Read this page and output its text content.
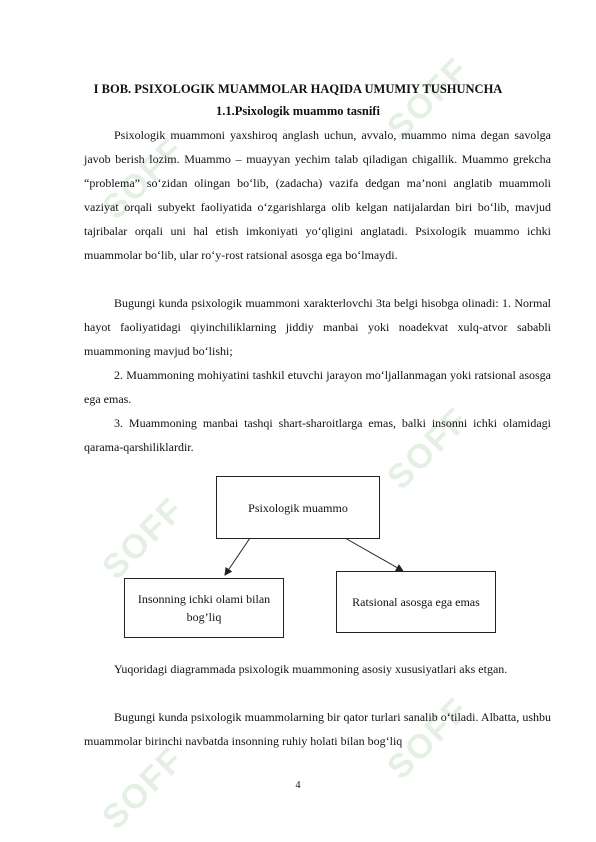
SOFF
SOFF
SOFF
SOFF
SOFF
SOFF
I BOB. PSIXOLOGIK MUAMMOLAR HAQIDA UMUMIY TUSHUNCHA
1.1.Psixologik muammo tasnifi
Psixologik muammoni yaxshiroq anglash uchun, avvalo, muammo nima degan savolga javob berish lozim. Muammo – muayyan yechim talab qiladigan chigallik. Muammo grekcha “problema” so‘zidan olingan bo‘lib, (zadacha) vazifa dedgan ma’noni anglatib muammoli vaziyat orqali subyekt faoliyatida o‘zgarishlarga olib kelgan natijalardan biri bo‘lib, mavjud tajribalar orqali uni hal etish imkoniyati yo‘qligini anglatadi. Psixologik muammo ichki muammolar bo‘lib, ular ro‘y-rost ratsional asosga ega bo‘lmaydi.
Bugungi kunda psixologik muammoni xarakterlovchi 3ta belgi hisobga olinadi: 1. Normal hayot faoliyatidagi qiyinchiliklarning jiddiy manbai yoki noadekvat xulq-atvor sababli muammoning mavjud bo‘lishi;
2. Muammoning mohiyatini tashkil etuvchi jarayon mo‘ljallanmagan yoki ratsional asosga ega emas.
3. Muammoning manbai tashqi shart-sharoitlarga emas, balki insonni ichki olamidagi qarama-qarshiliklardir.
Psixologik muammo
Insonning ichki olami bilan bog’liq
Ratsional asosga ega emas
Yuqoridagi diagrammada psixologik muammoning asosiy xususiyatlari aks etgan.
Bugungi kunda psixologik muammolarning bir qator turlari sanalib o‘tiladi. Albatta, ushbu muammolar birinchi navbatda insonning ruhiy holati bilan bog‘liq
4
